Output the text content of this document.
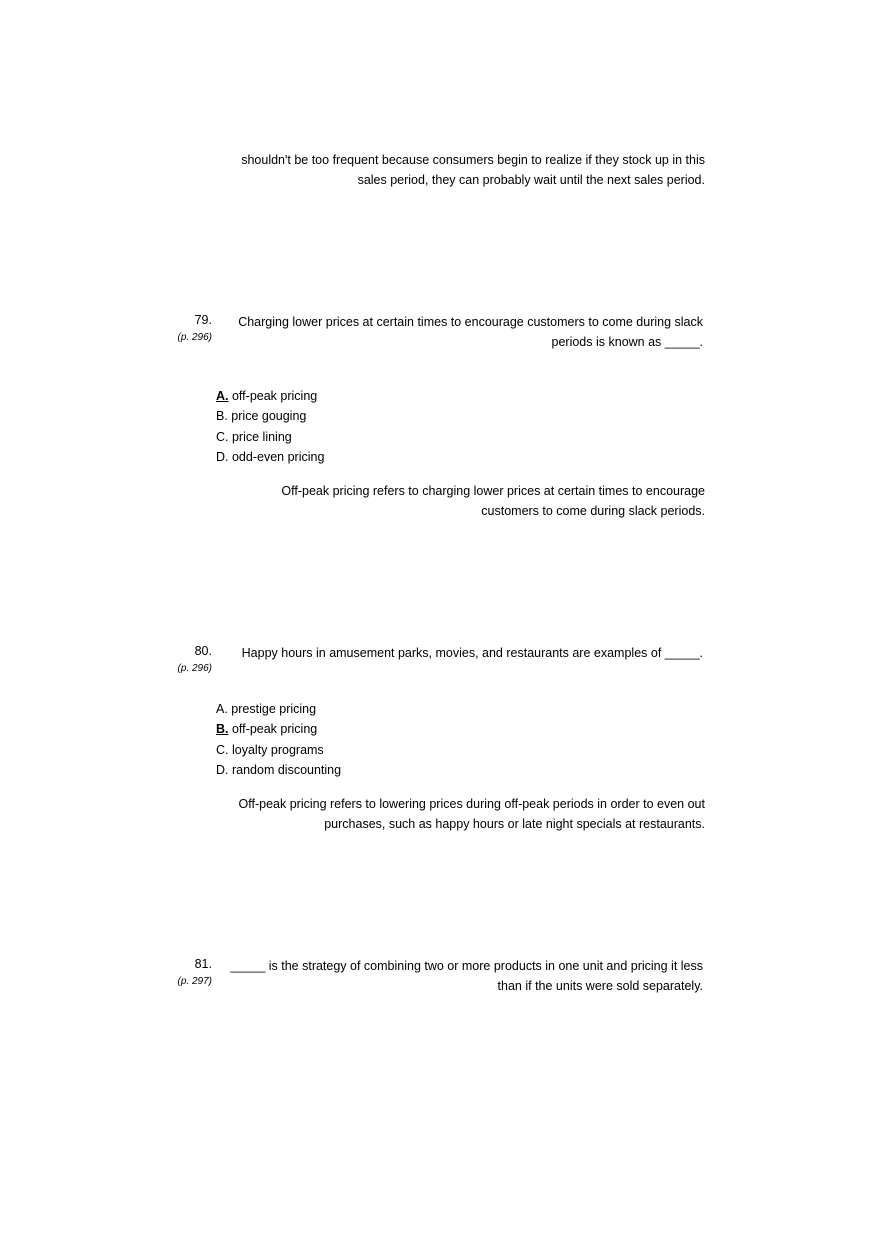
shouldn't be too frequent because consumers begin to realize if they stock up in this
sales period, they can probably wait until the next sales period.
79.
(p. 296)
Charging lower prices at certain times to encourage customers to come during slack
periods is known as _____.
A. off-peak pricing
B. price gouging
C. price lining
D. odd-even pricing
Off-peak pricing refers to charging lower prices at certain times to encourage
customers to come during slack periods.
80.
(p. 296)
Happy hours in amusement parks, movies, and restaurants are examples of _____.
A. prestige pricing
B. off-peak pricing
C. loyalty programs
D. random discounting
Off-peak pricing refers to lowering prices during off-peak periods in order to even out
purchases, such as happy hours or late night specials at restaurants.
81.
(p. 297)
_____ is the strategy of combining two or more products in one unit and pricing it less
than if the units were sold separately.
